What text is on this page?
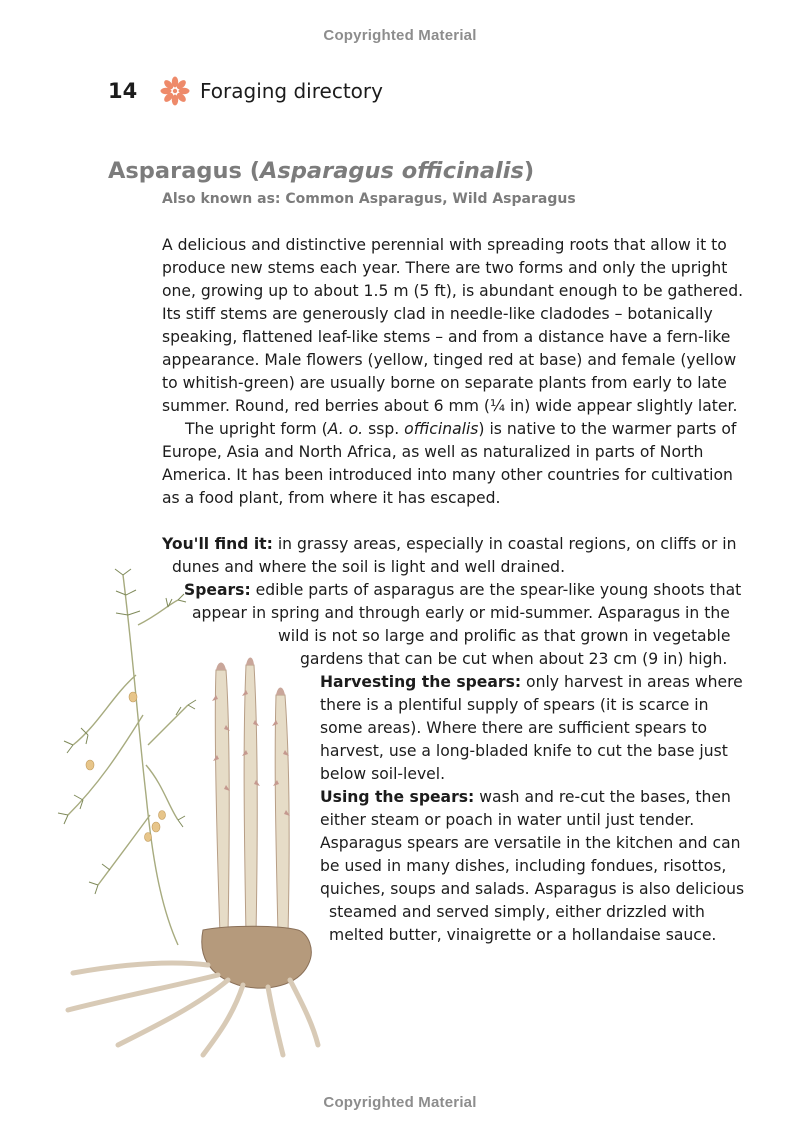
Copyrighted Material
14	Foraging directory
Asparagus (Asparagus officinalis)
Also known as: Common Asparagus, Wild Asparagus
A delicious and distinctive perennial with spreading roots that allow it to
produce new stems each year. There are two forms and only the upright
one, growing up to about 1.5 m (5 ft), is abundant enough to be gathered.
Its stiff stems are generously clad in needle-like cladodes – botanically
speaking, flattened leaf-like stems – and from a distance have a fern-like
appearance. Male flowers (yellow, tinged red at base) and female (yellow
to whitish-green) are usually borne on separate plants from early to late
summer. Round, red berries about 6 mm (¼ in) wide appear slightly later.
The upright form (A. o. ssp. officinalis) is native to the warmer parts of
Europe, Asia and North Africa, as well as naturalized in parts of North
America. It has been introduced into many other countries for cultivation
as a food plant, from where it has escaped.
You'll find it: in grassy areas, especially in coastal regions, on cliffs or in
dunes and where the soil is light and well drained.
Spears: edible parts of asparagus are the spear-like young shoots that
appear in spring and through early or mid-summer. Asparagus in the
wild is not so large and prolific as that grown in vegetable
gardens that can be cut when about 23 cm (9 in) high.
Harvesting the spears: only harvest in areas where
there is a plentiful supply of spears (it is scarce in
some areas). Where there are sufficient spears to
harvest, use a long-bladed knife to cut the base just
below soil-level.
Using the spears: wash and re-cut the bases, then
either steam or poach in water until just tender.
Asparagus spears are versatile in the kitchen and can
be used in many dishes, including fondues, risottos,
quiches, soups and salads. Asparagus is also delicious
steamed and served simply, either drizzled with
melted butter, vinaigrette or a hollandaise sauce.
Copyrighted Material
